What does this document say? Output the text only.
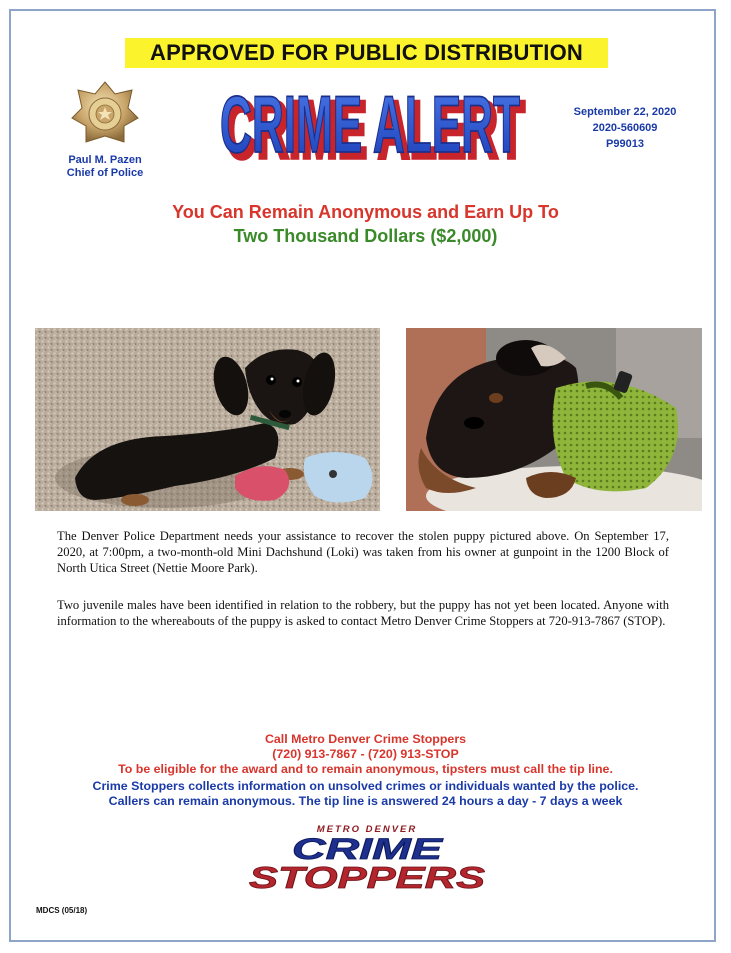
APPROVED FOR PUBLIC DISTRIBUTION
Paul M. Pazen
Chief of Police	CRIME ALERT
CRIME ALERT	September 22, 2020
2020-560609
P99013
You Can Remain Anonymous and Earn Up To
Two Thousand Dollars ($2,000)
The Denver Police Department needs your assistance to recover the stolen puppy pictured above. On September 17, 2020, at 7:00pm, a two-month-old Mini Dachshund (Loki) was taken from his owner at gunpoint in the 1200 Block of North Utica Street (Nettie Moore Park).
Two juvenile males have been identified in relation to the robbery, but the puppy has not yet been located. Anyone with information to the whereabouts of the puppy is asked to contact Metro Denver Crime Stoppers at 720-913-7867 (STOP).
Call Metro Denver Crime Stoppers
(720) 913-7867 - (720) 913-STOP
To be eligible for the award and to remain anonymous, tipsters must call the tip line.
Crime Stoppers collects information on unsolved crimes or individuals wanted by the police.
Callers can remain anonymous. The tip line is answered 24 hours a day - 7 days a week
METRO DENVER
CRIME
STOPPERS
MDCS (05/18)
